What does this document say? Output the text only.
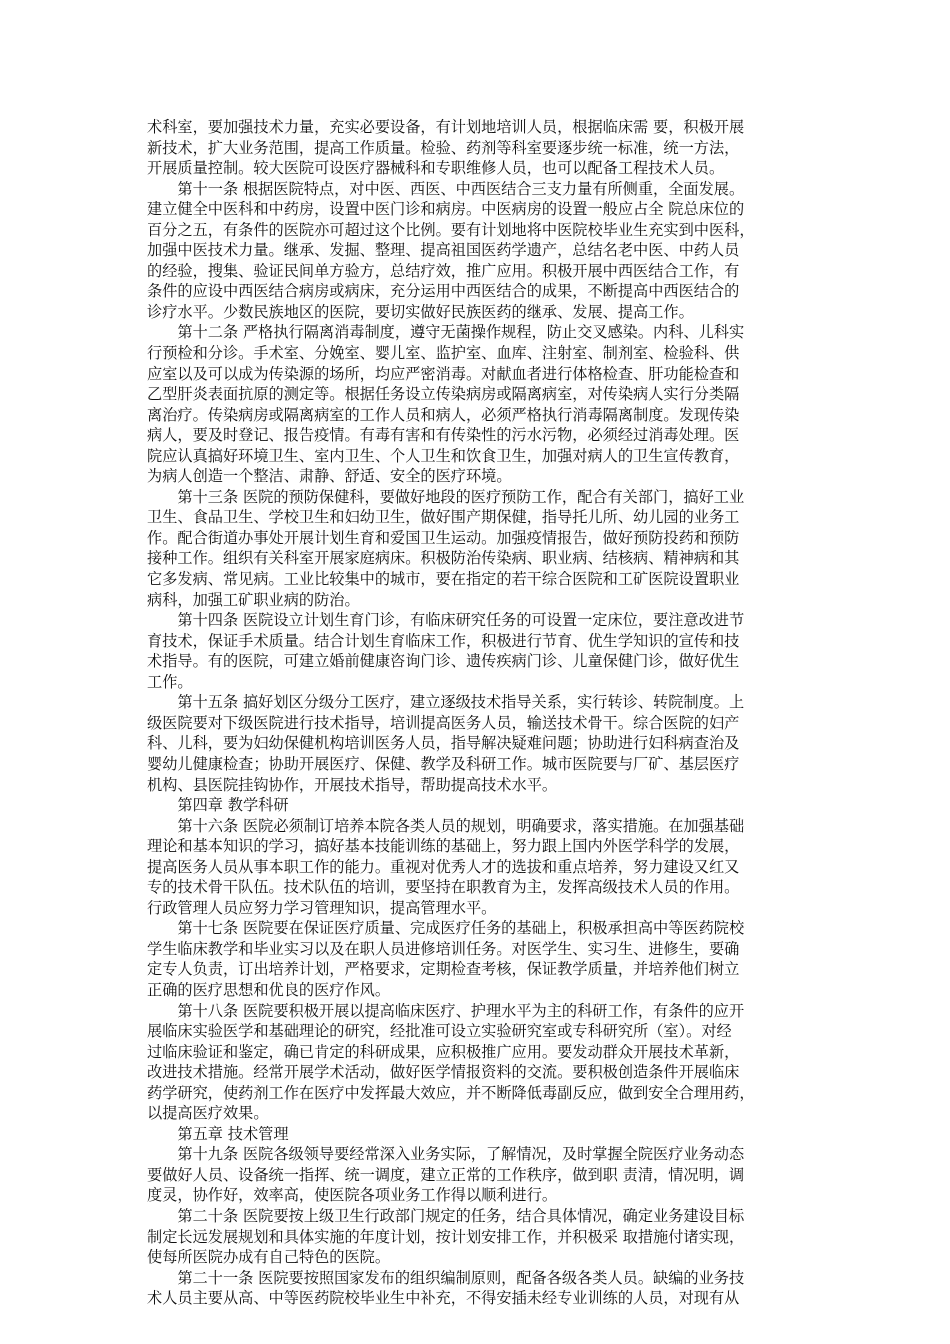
术科室，要加强技术力量，充实必要设备，有计划地培训人员，根据临床需 要，积极开展
新技术，扩大业务范围，提高工作质量。检验、药剂等科室要逐步统一标准，统一方法，
开展质量控制。较大医院可设医疗器械科和专职维修人员，也可以配备工程技术人员。
　　第十一条 根据医院特点，对中医、西医、中西医结合三支力量有所侧重，全面发展。
建立健全中医科和中药房，设置中医门诊和病房。中医病房的设置一般应占全 院总床位的
百分之五，有条件的医院亦可超过这个比例。要有计划地将中医院校毕业生充实到中医科，
加强中医技术力量。继承、发掘、整理、提高祖国医药学遗产，总结名老中医、中药人员
的经验，搜集、验证民间单方验方，总结疗效，推广应用。积极开展中西医结合工作，有
条件的应设中西医结合病房或病床，充分运用中西医结合的成果，不断提高中西医结合的
诊疗水平。少数民族地区的医院，要切实做好民族医药的继承、发展、提高工作。
　　第十二条 严格执行隔离消毒制度，遵守无菌操作规程，防止交叉感染。内科、儿科实
行预检和分诊。手术室、分娩室、婴儿室、监护室、血库、注射室、制剂室、检验科、供
应室以及可以成为传染源的场所，均应严密消毒。对献血者进行体格检查、肝功能检查和
乙型肝炎表面抗原的测定等。根据任务设立传染病房或隔离病室，对传染病人实行分类隔
离治疗。传染病房或隔离病室的工作人员和病人，必须严格执行消毒隔离制度。发现传染
病人，要及时登记、报告疫情。有毒有害和有传染性的污水污物，必须经过消毒处理。医
院应认真搞好环境卫生、室内卫生、个人卫生和饮食卫生，加强对病人的卫生宣传教育，
为病人创造一个整洁、肃静、舒适、安全的医疗环境。
　　第十三条 医院的预防保健科，要做好地段的医疗预防工作，配合有关部门，搞好工业
卫生、食品卫生、学校卫生和妇幼卫生，做好围产期保健，指导托儿所、幼儿园的业务工
作。配合街道办事处开展计划生育和爱国卫生运动。加强疫情报告，做好预防投药和预防
接种工作。组织有关科室开展家庭病床。积极防治传染病、职业病、结核病、精神病和其
它多发病、常见病。工业比较集中的城市，要在指定的若干综合医院和工矿医院设置职业
病科，加强工矿职业病的防治。
　　第十四条 医院设立计划生育门诊，有临床研究任务的可设置一定床位，要注意改进节
育技术，保证手术质量。结合计划生育临床工作，积极进行节育、优生学知识的宣传和技
术指导。有的医院，可建立婚前健康咨询门诊、遗传疾病门诊、儿童保健门诊，做好优生
工作。
　　第十五条 搞好划区分级分工医疗，建立逐级技术指导关系，实行转诊、转院制度。上
级医院要对下级医院进行技术指导，培训提高医务人员，输送技术骨干。综合医院的妇产
科、儿科，要为妇幼保健机构培训医务人员，指导解决疑难问题；协助进行妇科病查治及
婴幼儿健康检查；协助开展医疗、保健、教学及科研工作。城市医院要与厂矿、基层医疗
机构、县医院挂钩协作，开展技术指导，帮助提高技术水平。
　　第四章 教学科研
　　第十六条 医院必须制订培养本院各类人员的规划，明确要求，落实措施。在加强基础
理论和基本知识的学习，搞好基本技能训练的基础上，努力跟上国内外医学科学的发展，
提高医务人员从事本职工作的能力。重视对优秀人才的选拔和重点培养，努力建设又红又
专的技术骨干队伍。技术队伍的培训，要坚持在职教育为主，发挥高级技术人员的作用。
行政管理人员应努力学习管理知识，提高管理水平。
　　第十七条 医院要在保证医疗质量、完成医疗任务的基础上，积极承担高中等医药院校
学生临床教学和毕业实习以及在职人员进修培训任务。对医学生、实习生、进修生，要确
定专人负责，订出培养计划，严格要求，定期检查考核，保证教学质量，并培养他们树立
正确的医疗思想和优良的医疗作风。
　　第十八条 医院要积极开展以提高临床医疗、护理水平为主的科研工作，有条件的应开
展临床实验医学和基础理论的研究，经批准可设立实验研究室或专科研究所（室）。对经
过临床验证和鉴定，确已肯定的科研成果，应积极推广应用。要发动群众开展技术革新，
改进技术措施。经常开展学术活动，做好医学情报资料的交流。要积极创造条件开展临床
药学研究，使药剂工作在医疗中发挥最大效应，并不断降低毒副反应，做到安全合理用药，
以提高医疗效果。
　　第五章 技术管理
　　第十九条 医院各级领导要经常深入业务实际，了解情况，及时掌握全院医疗业务动态
要做好人员、设备统一指挥、统一调度，建立正常的工作秩序，做到职 责清，情况明，调
度灵，协作好，效率高，使医院各项业务工作得以顺利进行。
　　第二十条 医院要按上级卫生行政部门规定的任务，结合具体情况，确定业务建设目标
制定长远发展规划和具体实施的年度计划，按计划安排工作，并积极采 取措施付诸实现，
使每所医院办成有自己特色的医院。
　　第二十一条 医院要按照国家发布的组织编制原则，配备各级各类人员。缺编的业务技
术人员主要从高、中等医药院校毕业生中补充，不得安插未经专业训练的人员，对现有从
